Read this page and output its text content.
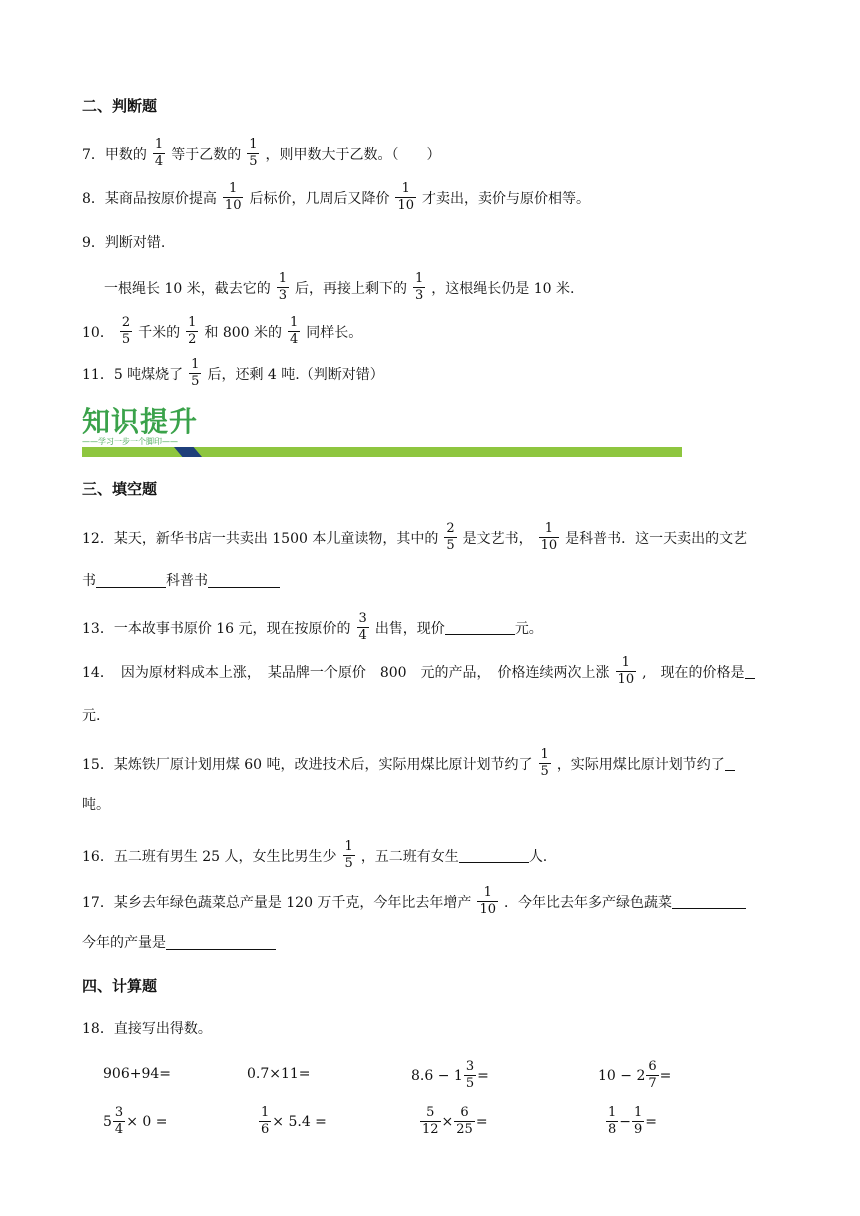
二、判断题
7．甲数的 $\frac{1}{4}$ 等于乙数的 $\frac{1}{5}$ ，则甲数大于乙数。（　　）
8．某商品按原价提高 $\frac{1}{10}$ 后标价，几周后又降价 $\frac{1}{10}$ 才卖出，卖价与原价相等。
9．判断对错.
一根绳长 10 米，截去它的 $\frac{1}{3}$ 后，再接上剩下的 $\frac{1}{3}$ ，这根绳长仍是 10 米.
10． $\frac{2}{5}$ 千米的 $\frac{1}{2}$ 和 800 米的 $\frac{1}{4}$ 同样长。
11．5 吨煤烧了 $\frac{1}{5}$ 后，还剩 4 吨.（判断对错）
知识提升
——学习一步一个脚印——
三、填空题
12．某天，新华书店一共卖出 1500 本儿童读物，其中的 $\frac{2}{5}$ 是文艺书， $\frac{1}{10}$ 是科普书．这一天卖出的文艺
书	科普书
13．一本故事书原价 16 元，现在按原价的 $\frac{3}{4}$ 出售，现价	元。
14．　因为原材料成本上涨，　某品牌一个原价　800　元的产品，　价格连续两次上涨 $\frac{1}{10}$ ,　现在的价格是
元.
15．某炼铁厂原计划用煤 60 吨，改进技术后，实际用煤比原计划节约了 $\frac{1}{5}$ ，实际用煤比原计划节约了
吨。
16．五二班有男生 25 人，女生比男生少 $\frac{1}{5}$ ，五二班有女生	人.
17．某乡去年绿色蔬菜总产量是 120 万千克，今年比去年增产 $\frac{1}{10}$ ．今年比去年多产绿色蔬菜
今年的产量是
四、计算题
18．直接写出得数。
906+94=	0.7×11=	$8.6 - 1 \frac{3}{5}$ =	$10 - 2 \frac{6}{7}$ =
$5 \frac{3}{4} \times 0$ =	$\frac{1}{6} \times 5.4$ =	$\frac{5}{12} \times \frac{6}{25}$ =	$\frac{1}{8} - \frac{1}{9}$ =
